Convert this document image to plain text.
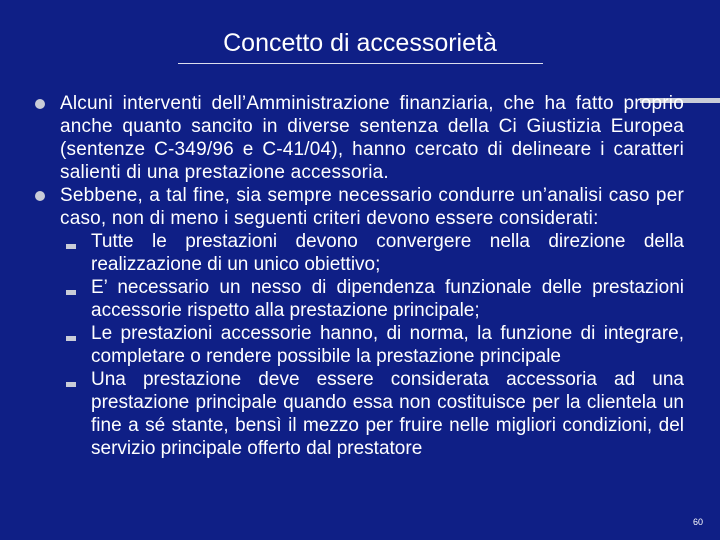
Concetto di accessorietà
Alcuni interventi dell’Amministrazione finanziaria, che ha fatto proprio anche quanto sancito in diverse sentenza della Ci Giustizia Europea (sentenze C-349/96 e C-41/04), hanno cercato di delineare i caratteri salienti di una prestazione accessoria.
Sebbene, a tal fine, sia sempre necessario condurre un’analisi caso per caso, non di meno i seguenti criteri devono essere considerati:
Tutte le prestazioni devono convergere nella direzione della realizzazione di un unico obiettivo;
E’ necessario un nesso di dipendenza funzionale delle prestazioni accessorie rispetto alla prestazione principale;
Le prestazioni accessorie hanno, di norma, la funzione di integrare, completare o rendere possibile la prestazione principale
Una prestazione deve essere considerata accessoria ad una prestazione principale quando essa non costituisce per la clientela un fine a sé stante, bensì il mezzo per fruire nelle migliori condizioni, del servizio principale offerto dal prestatore
60
